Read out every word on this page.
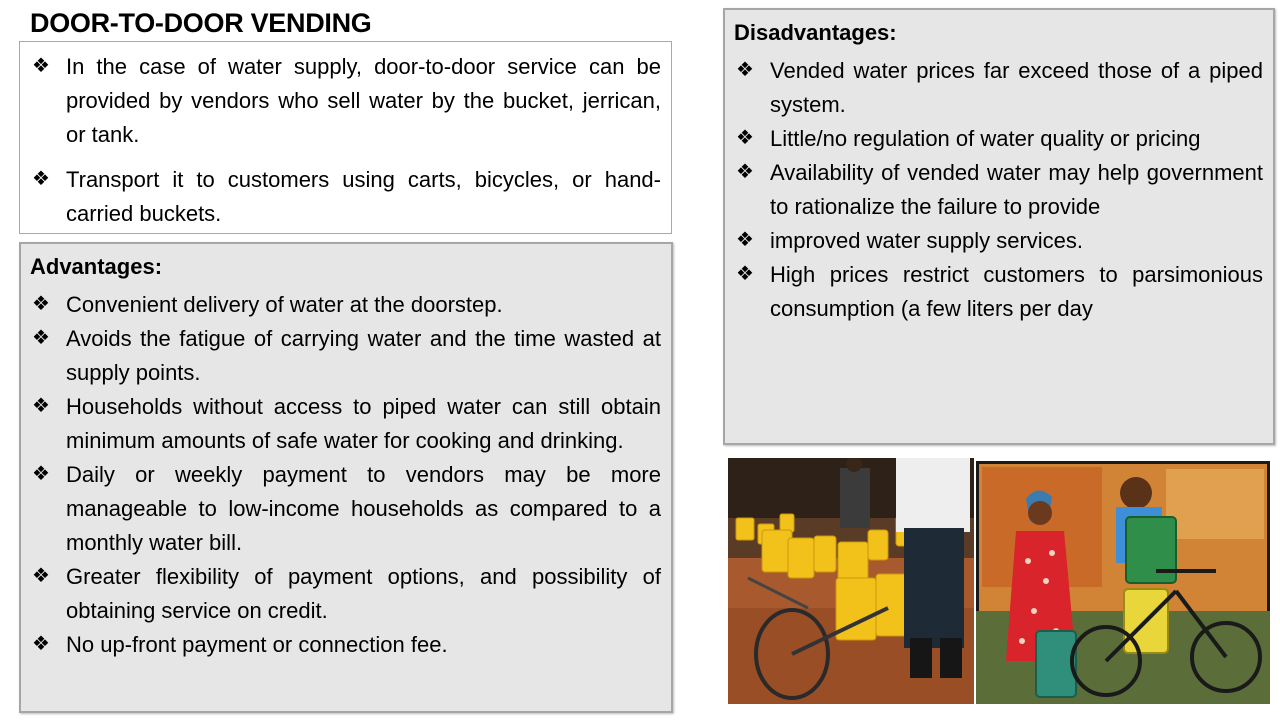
DOOR-TO-DOOR VENDING
❖ In the case of water supply, door-to-door service can be provided by vendors who sell water by the bucket, jerrican, or tank.
❖ Transport it to customers using carts, bicycles, or hand-carried buckets.
Advantages:
❖ Convenient delivery of water at the doorstep.
❖ Avoids the fatigue of carrying water and the time wasted at supply points.
❖ Households without access to piped water can still obtain minimum amounts of safe water for cooking and drinking.
❖ Daily or weekly payment to vendors may be more manageable to low-income households as compared to a monthly water bill.
❖ Greater flexibility of payment options, and possibility of obtaining service on credit.
❖ No up-front payment or connection fee.
Disadvantages:
❖ Vended water prices far exceed those of a piped system.
❖ Little/no regulation of water quality or pricing
❖ Availability of vended water may help government to rationalize the failure to provide
❖ improved water supply services.
❖ High prices restrict customers to parsimonious consumption (a few liters per day
